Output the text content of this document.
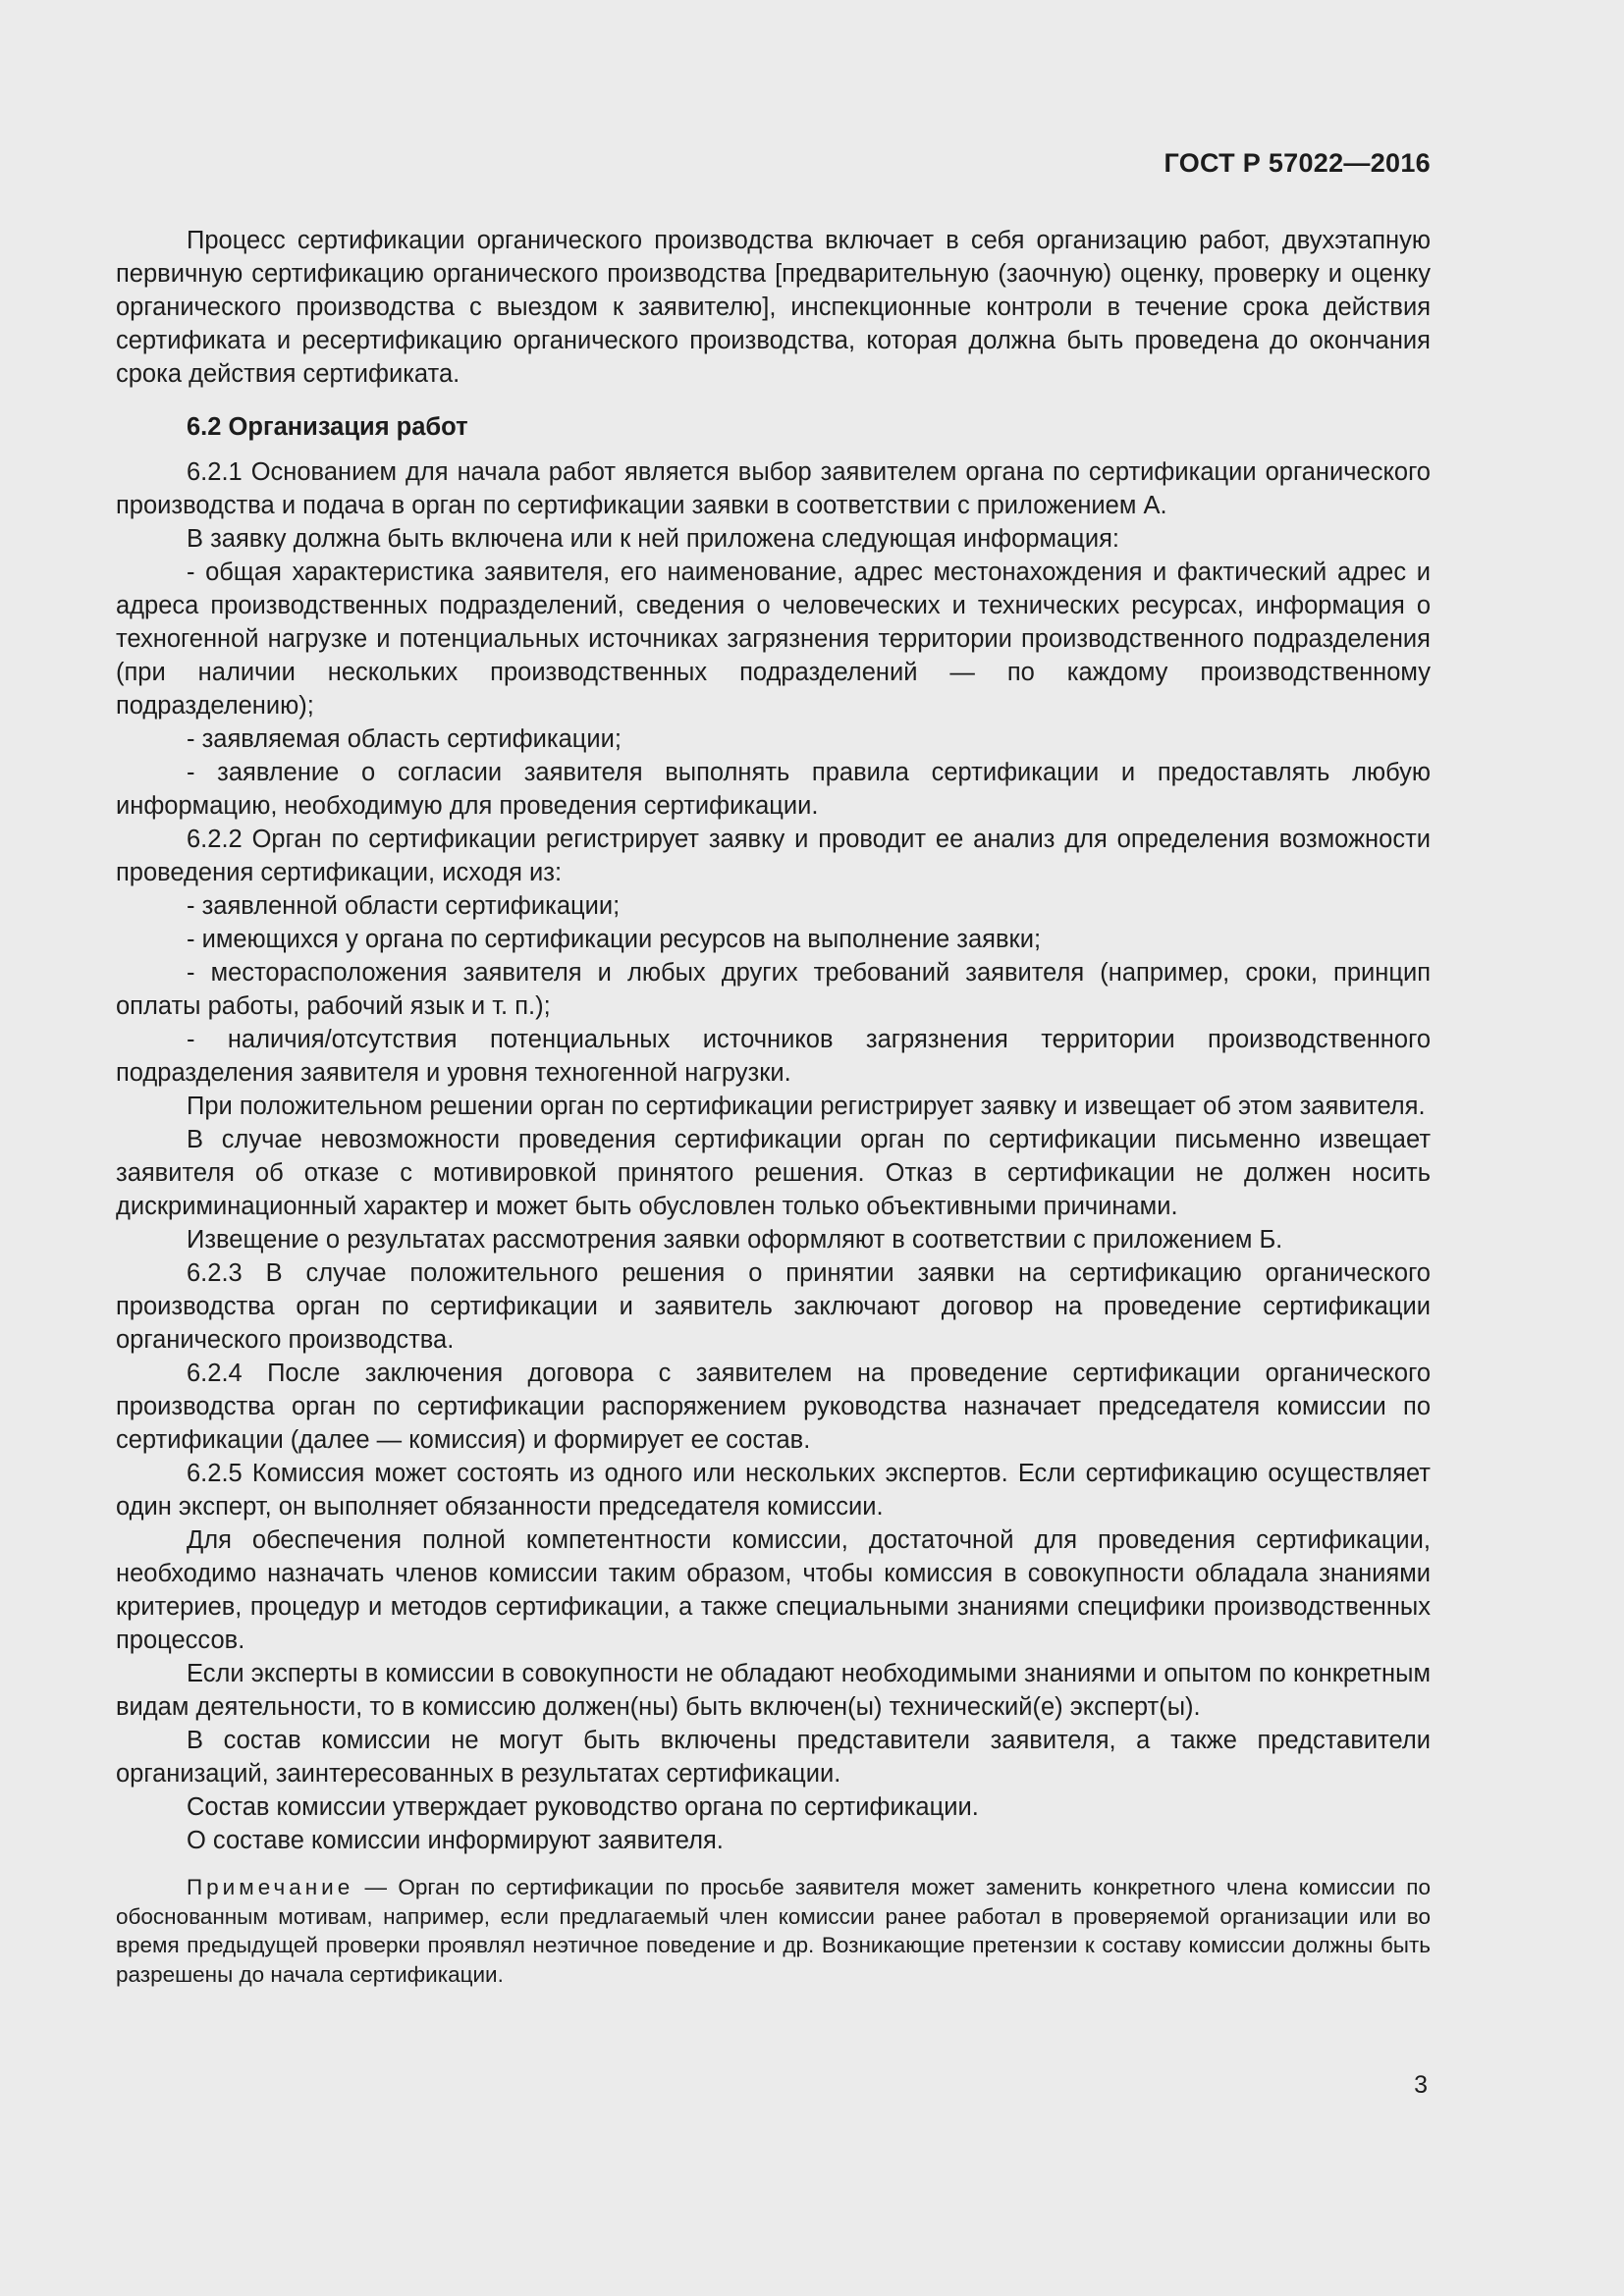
ГОСТ Р 57022—2016

Процесс сертификации органического производства включает в себя организацию работ, двухэтапную первичную сертификацию органического производства [предварительную (заочную) оценку, проверку и оценку органического производства с выездом к заявителю], инспекционные контроли в течение срока действия сертификата и ресертификацию органического производства, которая должна быть проведена до окончания срока действия сертификата.

6.2 Организация работ

6.2.1 Основанием для начала работ является выбор заявителем органа по сертификации органического производства и подача в орган по сертификации заявки в соответствии с приложением А.

В заявку должна быть включена или к ней приложена следующая информация:

- общая характеристика заявителя, его наименование, адрес местонахождения и фактический адрес и адреса производственных подразделений, сведения о человеческих и технических ресурсах, информация о техногенной нагрузке и потенциальных источниках загрязнения территории производственного подразделения (при наличии нескольких производственных подразделений — по каждому производственному подразделению);

- заявляемая область сертификации;

- заявление о согласии заявителя выполнять правила сертификации и предоставлять любую информацию, необходимую для проведения сертификации.

6.2.2 Орган по сертификации регистрирует заявку и проводит ее анализ для определения возможности проведения сертификации, исходя из:

- заявленной области сертификации;

- имеющихся у органа по сертификации ресурсов на выполнение заявки;

- месторасположения заявителя и любых других требований заявителя (например, сроки, принцип оплаты работы, рабочий язык и т. п.);

- наличия/отсутствия потенциальных источников загрязнения территории производственного подразделения заявителя и уровня техногенной нагрузки.

При положительном решении орган по сертификации регистрирует заявку и извещает об этом заявителя.

В случае невозможности проведения сертификации орган по сертификации письменно извещает заявителя об отказе с мотивировкой принятого решения. Отказ в сертификации не должен носить дискриминационный характер и может быть обусловлен только объективными причинами.

Извещение о результатах рассмотрения заявки оформляют в соответствии с приложением Б.

6.2.3 В случае положительного решения о принятии заявки на сертификацию органического производства орган по сертификации и заявитель заключают договор на проведение сертификации органического производства.

6.2.4 После заключения договора с заявителем на проведение сертификации органического производства орган по сертификации распоряжением руководства назначает председателя комиссии по сертификации (далее — комиссия) и формирует ее состав.

6.2.5 Комиссия может состоять из одного или нескольких экспертов. Если сертификацию осуществляет один эксперт, он выполняет обязанности председателя комиссии.

Для обеспечения полной компетентности комиссии, достаточной для проведения сертификации, необходимо назначать членов комиссии таким образом, чтобы комиссия в совокупности обладала знаниями критериев, процедур и методов сертификации, а также специальными знаниями специфики производственных процессов.

Если эксперты в комиссии в совокупности не обладают необходимыми знаниями и опытом по конкретным видам деятельности, то в комиссию должен(ны) быть включен(ы) технический(е) эксперт(ы).

В состав комиссии не могут быть включены представители заявителя, а также представители организаций, заинтересованных в результатах сертификации.

Состав комиссии утверждает руководство органа по сертификации.

О составе комиссии информируют заявителя.

Примечание — Орган по сертификации по просьбе заявителя может заменить конкретного члена комиссии по обоснованным мотивам, например, если предлагаемый член комиссии ранее работал в проверяемой организации или во время предыдущей проверки проявлял неэтичное поведение и др. Возникающие претензии к составу комиссии должны быть разрешены до начала сертификации.

3
